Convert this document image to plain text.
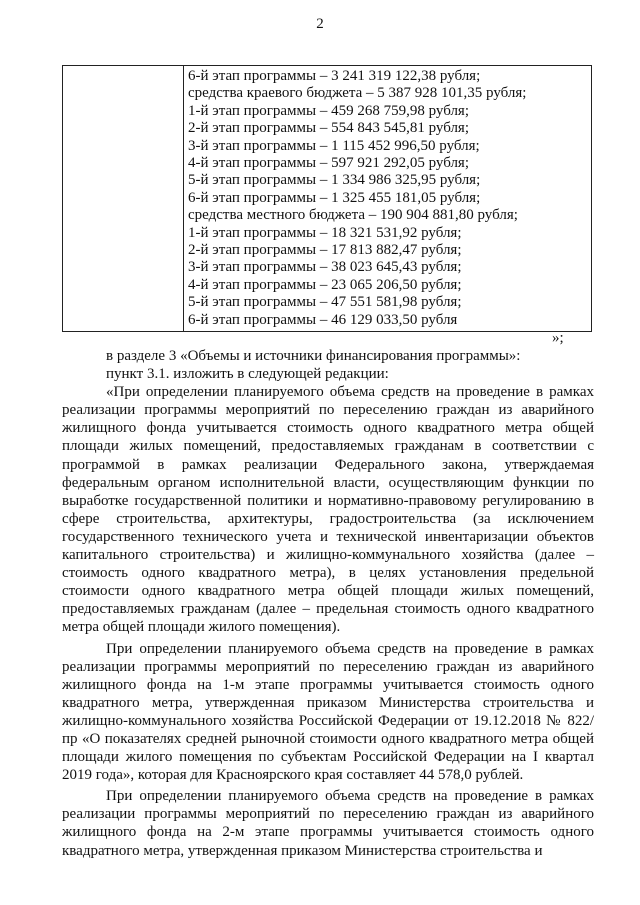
2

6-й этап программы – 3 241 319 122,38 рубля;
средства краевого бюджета – 5 387 928 101,35 рубля;
1-й этап программы – 459 268 759,98 рубля;
2-й этап программы – 554 843 545,81 рубля;
3-й этап программы – 1 115 452 996,50 рубля;
4-й этап программы – 597 921 292,05 рубля;
5-й этап программы – 1 334 986 325,95 рубля;
6-й этап программы – 1 325 455 181,05 рубля;
средства местного бюджета – 190 904 881,80 рубля;
1-й этап программы – 18 321 531,92 рубля;
2-й этап программы – 17 813 882,47 рубля;
3-й этап программы – 38 023 645,43 рубля;
4-й этап программы – 23 065 206,50 рубля;
5-й этап программы – 47 551 581,98 рубля;
6-й этап программы – 46 129 033,50 рубля
»;

в разделе 3 «Объемы и источники финансирования программы»:

пункт 3.1. изложить в следующей редакции:

«При определении планируемого объема средств на проведение в рамках реализации программы мероприятий по переселению граждан из аварийного жилищного фонда учитывается стоимость одного квадратного метра общей площади жилых помещений, предоставляемых гражданам в соответствии с программой в рамках реализации Федерального закона, утверждаемая федеральным органом исполнительной власти, осуществляющим функции по выработке государственной политики и нормативно-правовому регулированию в сфере строительства, архитектуры, градостроительства (за исключением государственного технического учета и технической инвентаризации объектов капитального строительства) и жилищно-коммунального хозяйства (далее – стоимость одного квадратного метра), в целях установления предельной стоимости одного квадратного метра общей площади жилых помещений, предоставляемых гражданам (далее – предельная стоимость одного квадратного метра общей площади жилого помещения).

При определении планируемого объема средств на проведение в рамках реализации программы мероприятий по переселению граждан из аварийного жилищного фонда на 1-м этапе программы учитывается стоимость одного квадратного метра, утвержденная приказом Министерства строительства и жилищно-коммунального хозяйства Российской Федерации от 19.12.2018 № 822/пр «О показателях средней рыночной стоимости одного квадратного метра общей площади жилого помещения по субъектам Российской Федерации на I квартал 2019 года», которая для Красноярского края составляет 44 578,0 рублей.

При определении планируемого объема средств на проведение в рамках реализации программы мероприятий по переселению граждан из аварийного жилищного фонда на 2-м этапе программы учитывается стоимость одного квадратного метра, утвержденная приказом Министерства строительства и
